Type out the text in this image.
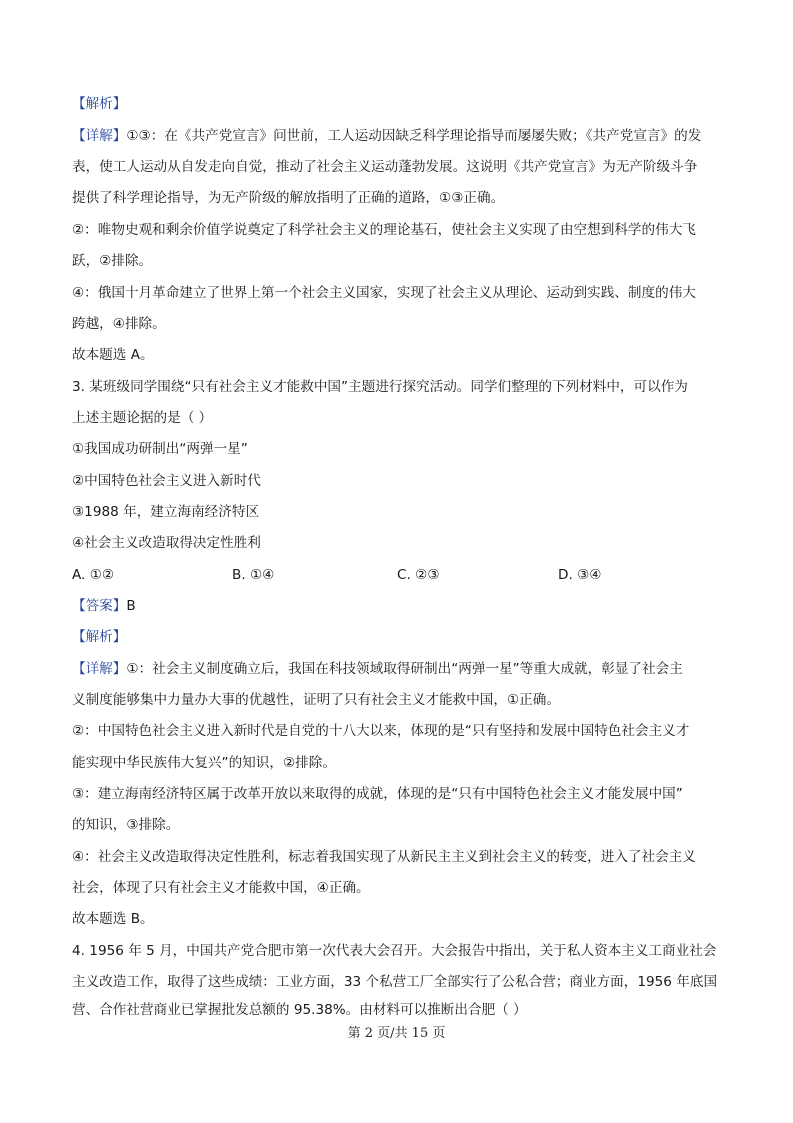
【解析】
【详解】①③：在《共产党宣言》问世前，工人运动因缺乏科学理论指导而屡屡失败；《共产党宣言》的发
表，使工人运动从自发走向自觉，推动了社会主义运动蓬勃发展。这说明《共产党宣言》为无产阶级斗争
提供了科学理论指导，为无产阶级的解放指明了正确的道路，①③正确。
②：唯物史观和剩余价值学说奠定了科学社会主义的理论基石，使社会主义实现了由空想到科学的伟大飞
跃，②排除。
④：俄国十月革命建立了世界上第一个社会主义国家，实现了社会主义从理论、运动到实践、制度的伟大
跨越，④排除。
故本题选 A。
3. 某班级同学围绕“只有社会主义才能救中国”主题进行探究活动。同学们整理的下列材料中，可以作为
上述主题论据的是（ ）
①我国成功研制出“两弹一星”
②中国特色社会主义进入新时代
③1988 年，建立海南经济特区
④社会主义改造取得决定性胜利
A. ①②	B. ①④	C. ②③	D. ③④
【答案】B
【解析】
【详解】①：社会主义制度确立后，我国在科技领域取得研制出“两弹一星”等重大成就，彰显了社会主
义制度能够集中力量办大事的优越性，证明了只有社会主义才能救中国，①正确。
②：中国特色社会主义进入新时代是自党的十八大以来，体现的是“只有坚持和发展中国特色社会主义才
能实现中华民族伟大复兴”的知识，②排除。
③：建立海南经济特区属于改革开放以来取得的成就，体现的是“只有中国特色社会主义才能发展中国”
的知识，③排除。
④：社会主义改造取得决定性胜利，标志着我国实现了从新民主主义到社会主义的转变，进入了社会主义
社会，体现了只有社会主义才能救中国，④正确。
故本题选 B。
4. 1956 年 5 月，中国共产党合肥市第一次代表大会召开。大会报告中指出，关于私人资本主义工商业社会
主义改造工作，取得了这些成绩：工业方面，33 个私营工厂全部实行了公私合营；商业方面，1956 年底国
营、合作社营商业已掌握批发总额的 95.38%。由材料可以推断出合肥（ ）
第 2 页/共 15 页
